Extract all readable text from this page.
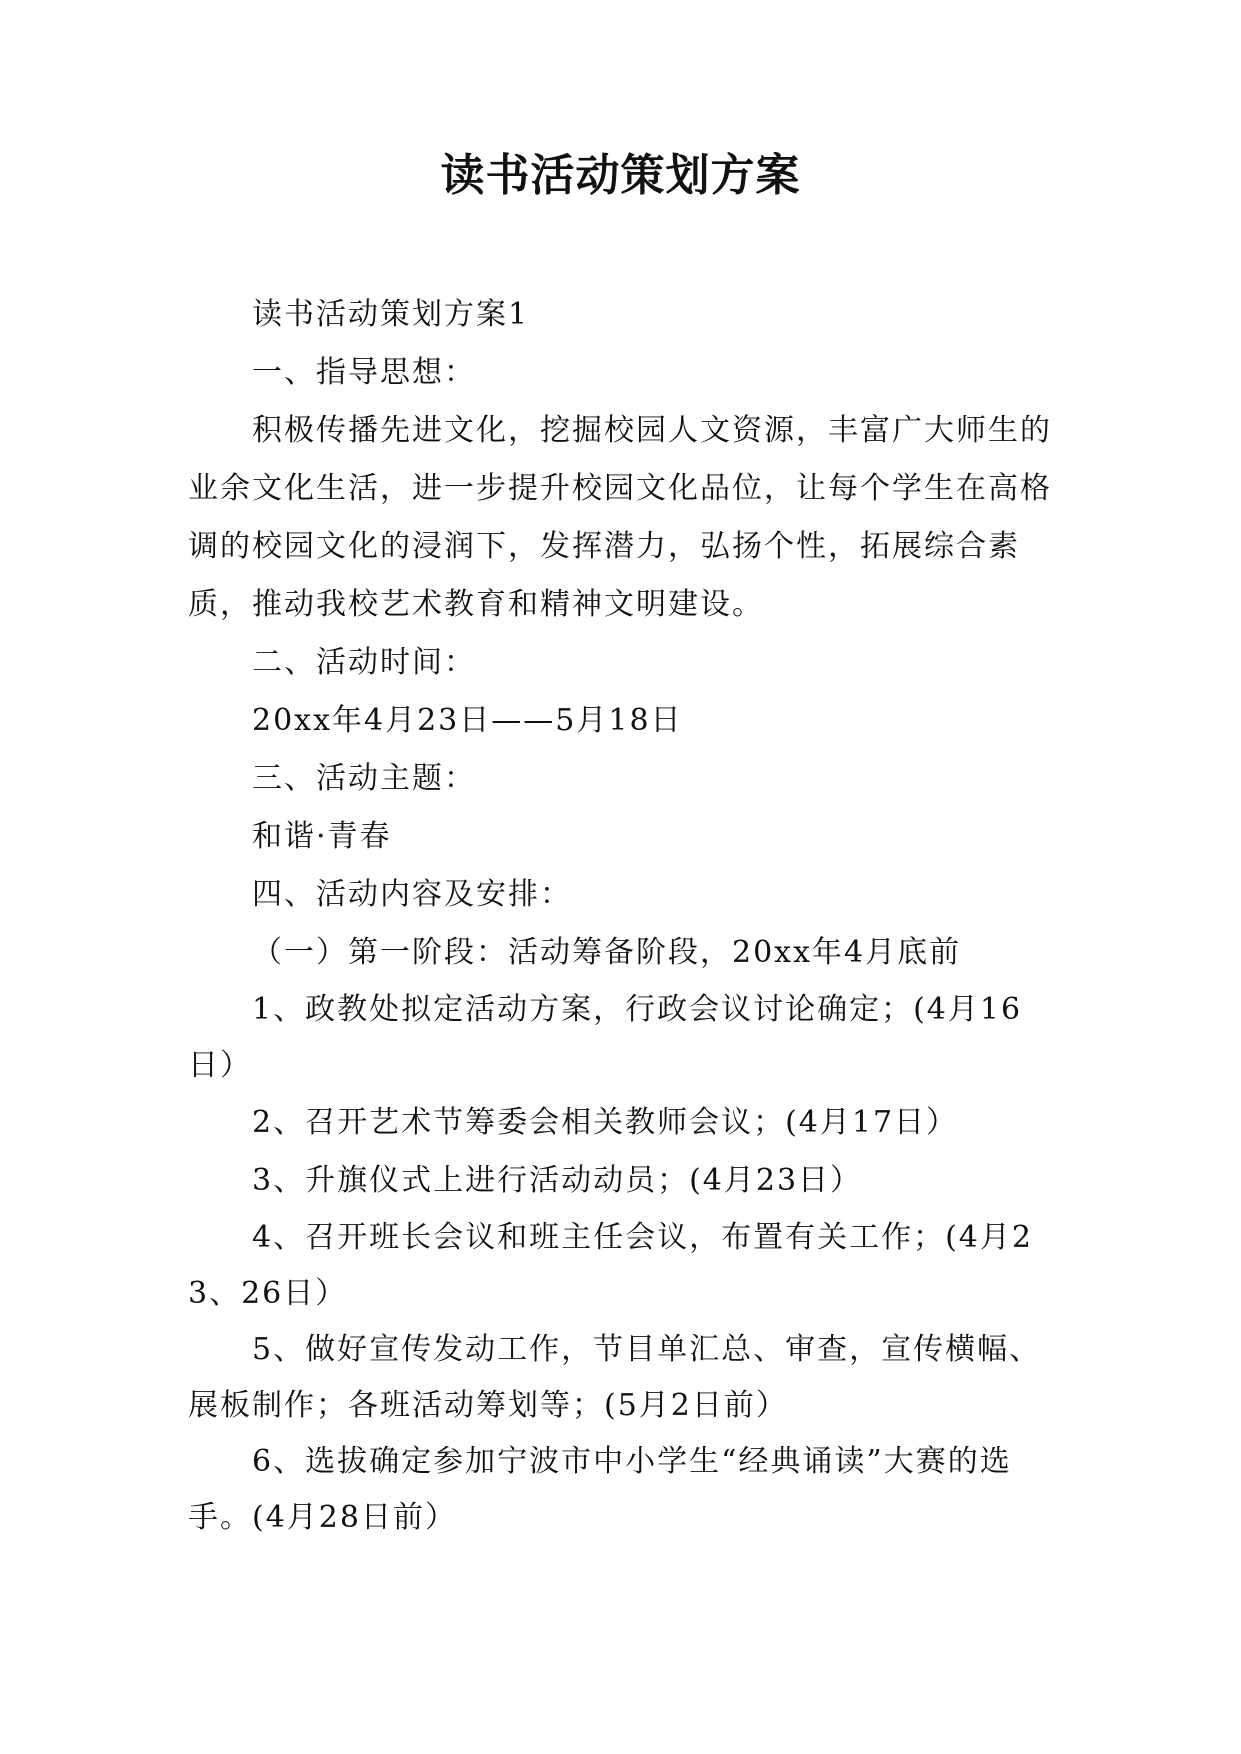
读书活动策划方案

读书活动策划方案1

一、指导思想：

积极传播先进文化，挖掘校园人文资源，丰富广大师生的业余文化生活，进一步提升校园文化品位，让每个学生在高格调的校园文化的浸润下，发挥潜力，弘扬个性，拓展综合素质，推动我校艺术教育和精神文明建设。

二、活动时间：

20xx年4月23日——5月18日

三、活动主题：

和谐·青春

四、活动内容及安排：

（一）第一阶段：活动筹备阶段，20xx年4月底前

1、政教处拟定活动方案，行政会议讨论确定；(4月16日）

2、召开艺术节筹委会相关教师会议；(4月17日）

3、升旗仪式上进行活动动员；(4月23日）

4、召开班长会议和班主任会议，布置有关工作；(4月23、26日）

5、做好宣传发动工作，节目单汇总、审查，宣传横幅、展板制作；各班活动筹划等；(5月2日前）

6、选拔确定参加宁波市中小学生“经典诵读”大赛的选手。(4月28日前）
